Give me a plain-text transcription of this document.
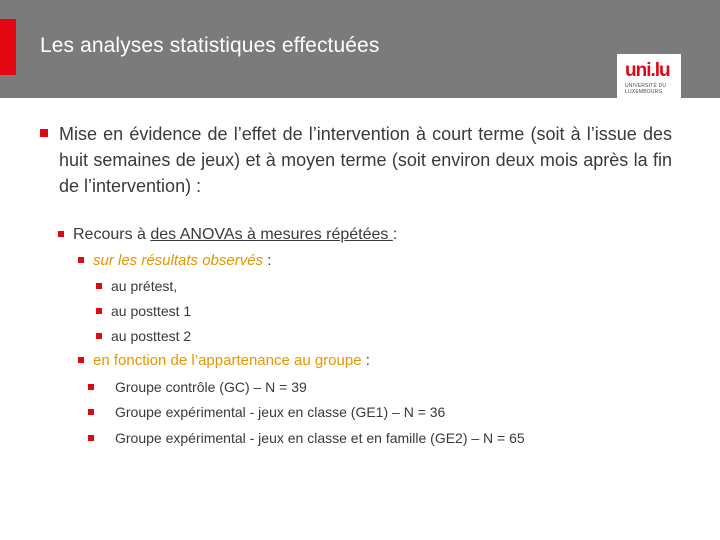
Les analyses statistiques effectuées
uni.lu
UNIVERSITÉ DU LUXEMBOURG
Mise en évidence de l’effet de l’intervention à court terme (soit à l’issue des huit semaines de jeux) et à moyen terme (soit environ deux mois après la fin de l’intervention) :
Recours à des ANOVAs à mesures répétées :
sur les résultats observés :
au prétest,
au posttest 1
au posttest 2
en fonction de l’appartenance au groupe :
Groupe contrôle (GC) – N = 39
Groupe expérimental - jeux en classe (GE1) – N = 36
Groupe expérimental - jeux en classe et en famille (GE2) – N = 65
